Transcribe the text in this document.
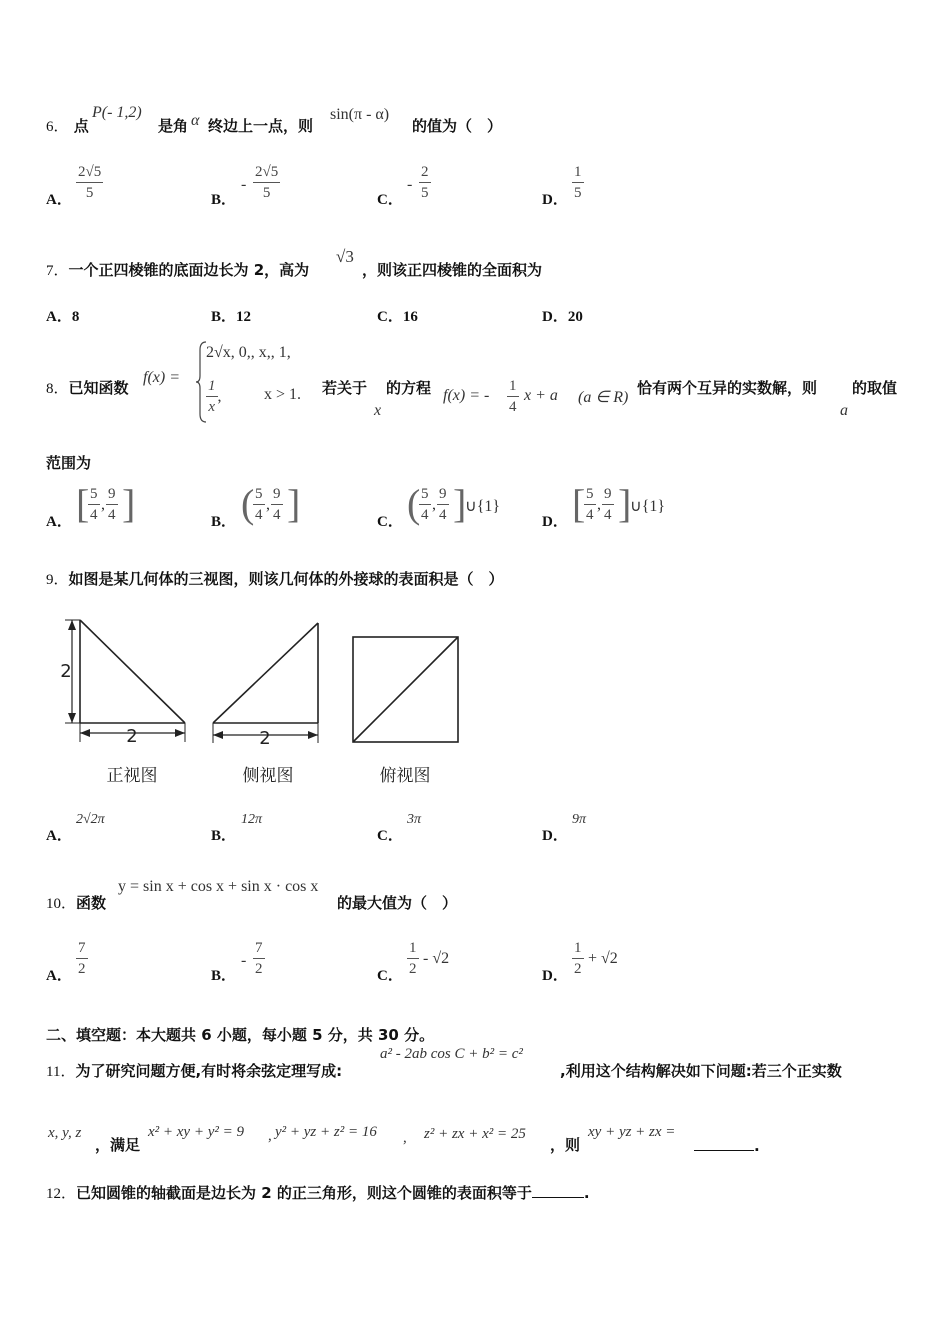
6． 点
P(- 1,2)
是角 α 终边上一点，则
sin(π - α)
的值为（　）
A． $\frac{2√5}{5}$	B．
- $\frac{2√5}{5}$	C．
- $\frac{2}{5}$	D． $\frac{1}{5}$
7．一个正四棱锥的底面边长为 2，高为
√3
，则该正四棱锥的全面积为
A．8	B．12	C．16	D．20
8．已知函数
f(x) =
2√x, 0,, x,, 1,
$\frac{1}{x}$ ,	x > 1. 若关于
x
的方程 f(x) = - $\frac{1}{4}$ x + a (a ∈ R)
恰有两个互异的实数解，则
a
的取值
范围为
A． [
$\frac{5}{4}$ , $\frac{9}{4}$ ]	B． (
$\frac{5}{4}$ , $\frac{9}{4}$ ]	C． (
$\frac{5}{4}$ , $\frac{9}{4}$ ]
∪{1}
D． [
$\frac{5}{4}$ , $\frac{9}{4}$ ]
∪{1}
9．如图是某几何体的三视图，则该几何体的外接球的表面积是（　）
2
2
正视图
2
侧视图	俯视图
A．
2√2π
B．
12π
C．
3π
D．
9π
10．函数
y = sin x + cos x + sin x · cos x
的最大值为（　）
A． $\frac{7}{2}$	B．
- $\frac{7}{2}$	C． $\frac{1}{2} - √2$
D． $\frac{1}{2} + √2$
二、填空题：本大题共 6 小题，每小题 5 分，共 30 分。
11．为了研究问题方便,有时将余弦定理写成:
a² - 2ab cos C + b² = c²
,利用这个结构解决如下问题:若三个正实数
x, y, z
，满足
x² + xy + y² = 9 , y² + yz + z² = 16 , z² + zx + x² = 25
，则
xy + yz + zx =
.
12．已知圆锥的轴截面是边长为 2 的正三角形，则这个圆锥的表面积等于	.
